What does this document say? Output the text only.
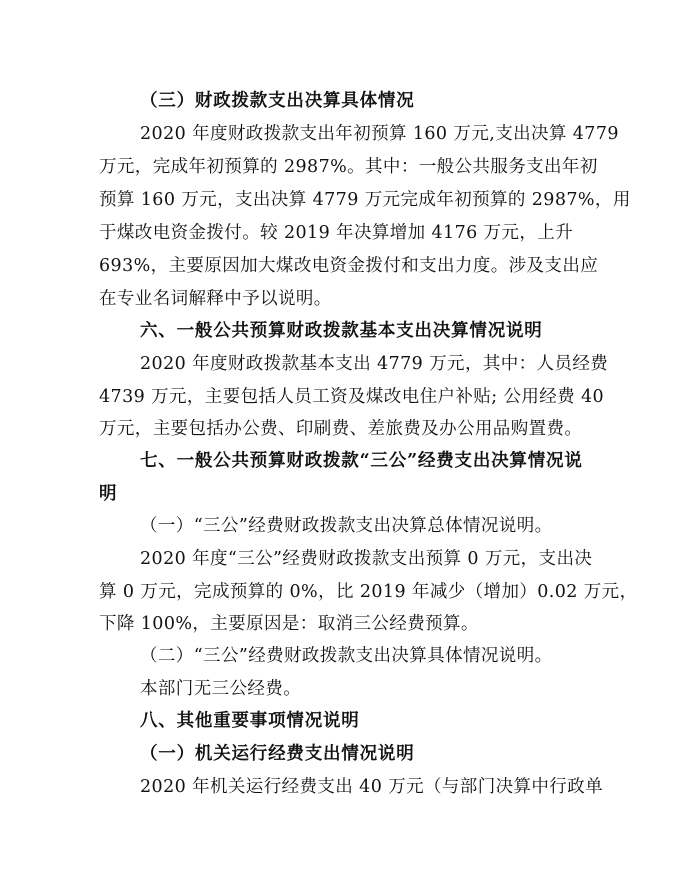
（三）财政拨款支出决算具体情况

2020 年度财政拨款支出年初预算 160 万元,支出决算 4779

万元，完成年初预算的 2987%。其中：一般公共服务支出年初

预算 160 万元，支出决算 4779 万元完成年初预算的 2987%，用

于煤改电资金拨付。较 2019 年决算增加 4176 万元，上升

693%，主要原因加大煤改电资金拨付和支出力度。涉及支出应

在专业名词解释中予以说明。

六、一般公共预算财政拨款基本支出决算情况说明

2020 年度财政拨款基本支出 4779 万元，其中：人员经费

4739 万元，主要包括人员工资及煤改电住户补贴; 公用经费 40

万元，主要包括办公费、印刷费、差旅费及办公用品购置费。

七、一般公共预算财政拨款“三公”经费支出决算情况说

明

（一）“三公”经费财政拨款支出决算总体情况说明。

2020 年度“三公”经费财政拨款支出预算 0 万元，支出决

算 0 万元，完成预算的 0%，比 2019 年减少（增加）0.02 万元，

下降 100%，主要原因是：取消三公经费预算。

（二）“三公”经费财政拨款支出决算具体情况说明。

本部门无三公经费。

八、其他重要事项情况说明

（一）机关运行经费支出情况说明

2020 年机关运行经费支出 40 万元（与部门决算中行政单
